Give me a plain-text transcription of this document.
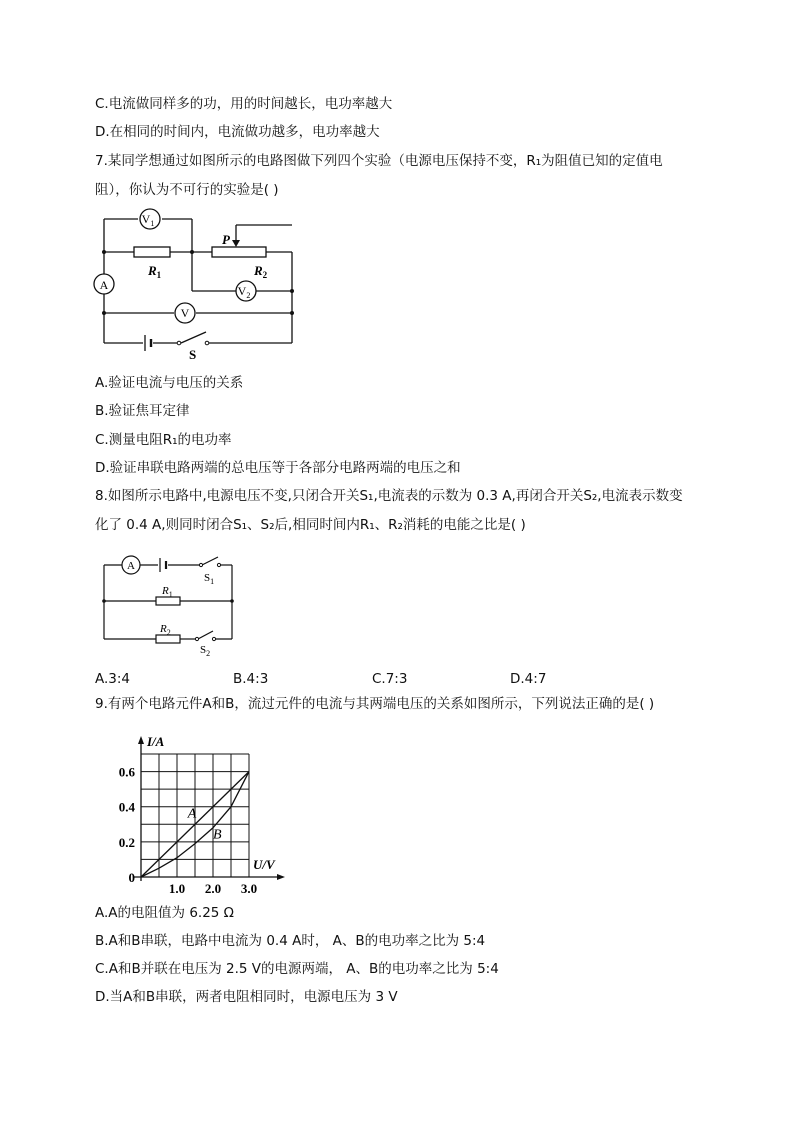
C.电流做同样多的功，用的时间越长，电功率越大
D.在相同的时间内，电流做功越多，电功率越大
7.某同学想通过如图所示的电路图做下列四个实验（电源电压保持不变，R₁为阻值已知的定值电
阻），你认为不可行的实验是( )
$V_1$
A	$V_2$
V
P
$R_1$	$R_2$
S
A.验证电流与电压的关系
B.验证焦耳定律
C.测量电阻R₁的电功率
D.验证串联电路两端的总电压等于各部分电路两端的电压之和
8.如图所示电路中,电源电压不变,只闭合开关S₁,电流表的示数为 0.3 A,再闭合开关S₂,电流表示数变
化了 0.4 A,则同时闭合S₁、S₂后,相同时间内R₁、R₂消耗的电能之比是( )
A
$S_1$
$R_1$
$R_2$
$S_2$
A.3:4	B.4:3	C.7:3	D.4:7
9.有两个电路元件A和B，流过元件的电流与其两端电压的关系如图所示，下列说法正确的是( )
A
B
1.0 2.0 3.0
0.2
0.4
0.6
0
U/V
I/A
A.A的电阻值为 6.25 Ω
B.A和B串联，电路中电流为 0.4 A时， A、B的电功率之比为 5:4
C.A和B并联在电压为 2.5 V的电源两端， A、B的电功率之比为 5:4
D.当A和B串联，两者电阻相同时，电源电压为 3 V
